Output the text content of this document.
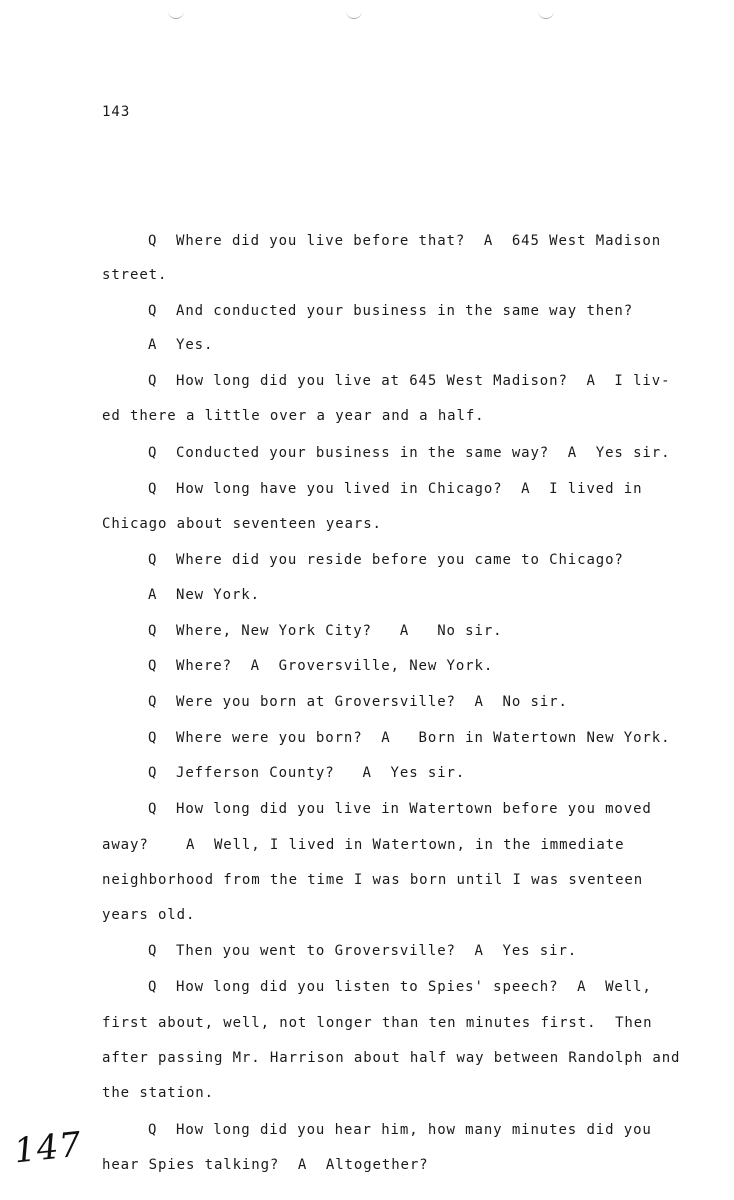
143
Q  Where did you live before that?  A  645 West Madison
street.
Q  And conducted your business in the same way then?
A  Yes.
Q  How long did you live at 645 West Madison?  A  I liv-
ed there a little over a year and a half.
Q  Conducted your business in the same way?  A  Yes sir.
Q  How long have you lived in Chicago?  A  I lived in
Chicago about seventeen years.
Q  Where did you reside before you came to Chicago?
A  New York.
Q  Where, New York City?   A   No sir.
Q  Where?  A  Groversville, New York.
Q  Were you born at Groversville?  A  No sir.
Q  Where were you born?  A   Born in Watertown New York.
Q  Jefferson County?   A  Yes sir.
Q  How long did you live in Watertown before you moved
away?    A  Well, I lived in Watertown, in the immediate
neighborhood from the time I was born until I was sventeen
years old.
Q  Then you went to Groversville?  A  Yes sir.
Q  How long did you listen to Spies' speech?  A  Well,
first about, well, not longer than ten minutes first.  Then
after passing Mr. Harrison about half way between Randolph and
the station.
Q  How long did you hear him, how many minutes did you
hear Spies talking?  A  Altogether?
147
